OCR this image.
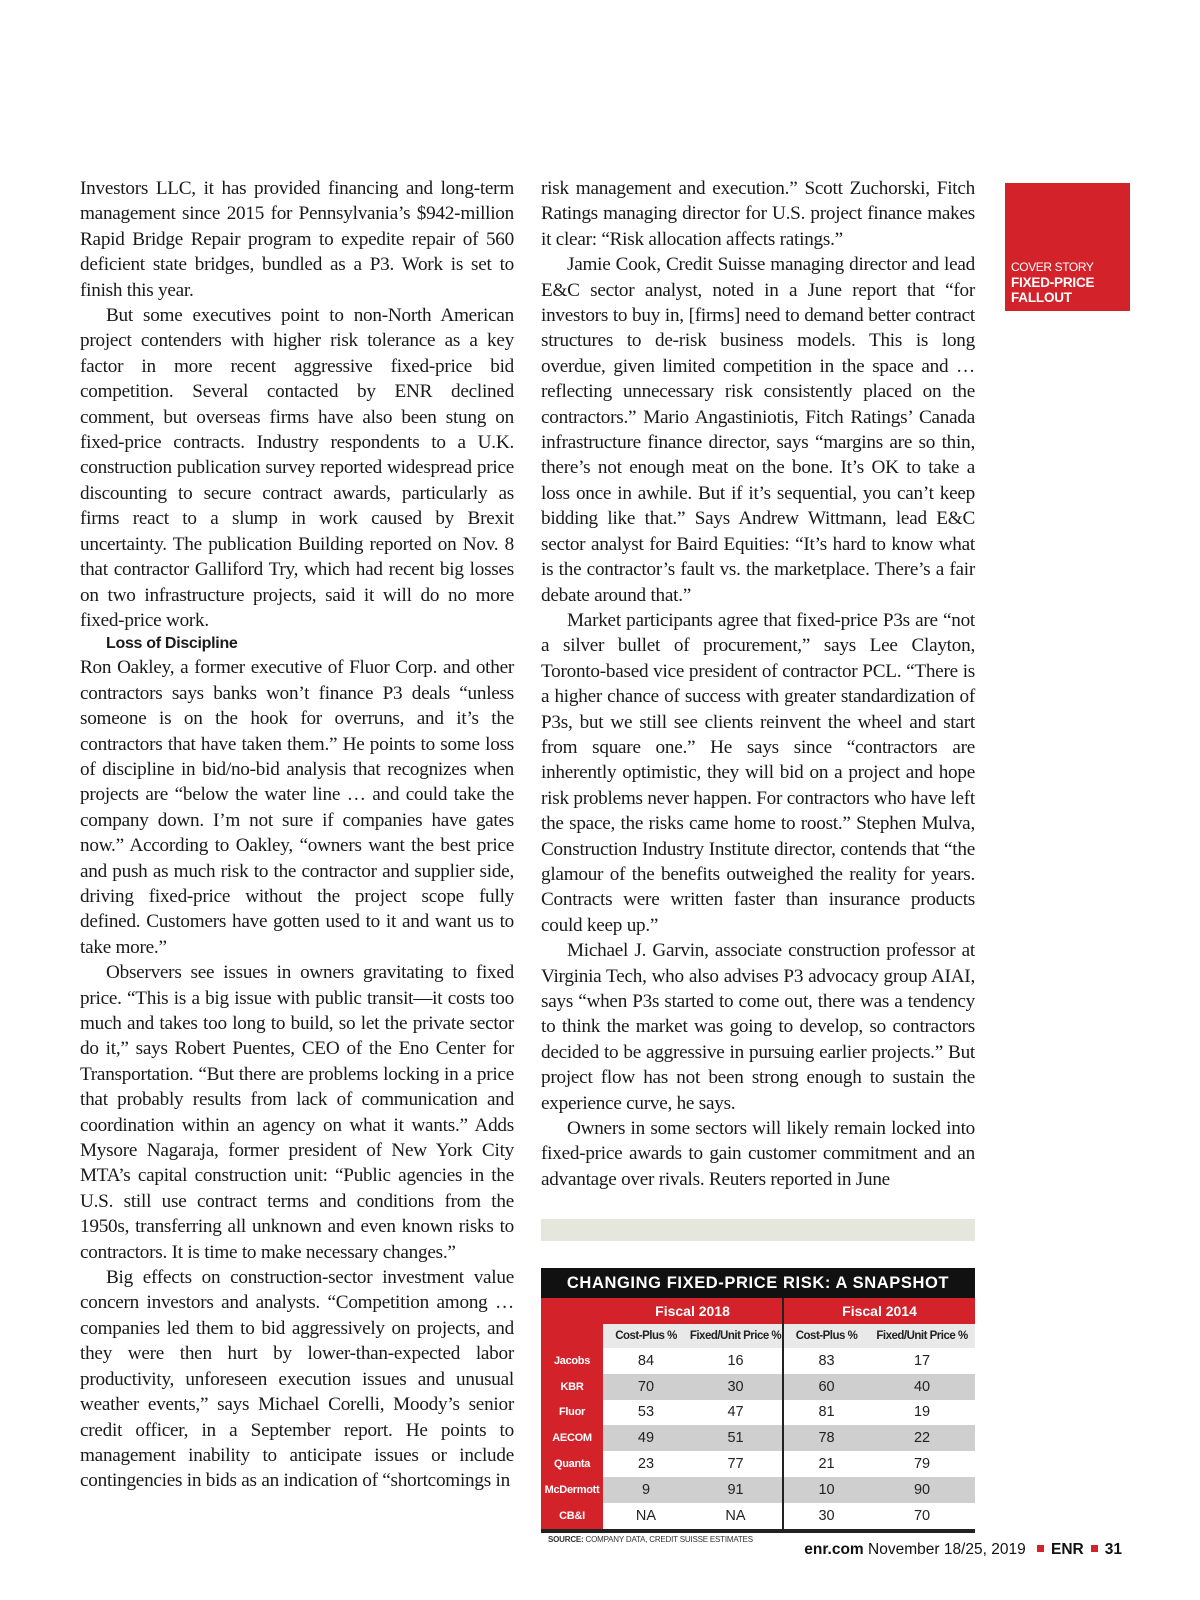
Investors LLC, it has provided financing and long-term management since 2015 for Pennsylvania’s $942-million Rapid Bridge Repair program to expedite repair of 560 deficient state bridges, bundled as a P3. Work is set to finish this year.

But some executives point to non-North American project contenders with higher risk tolerance as a key factor in more recent aggressive fixed-price bid competition. Several contacted by ENR declined comment, but overseas firms have also been stung on fixed-price contracts. Industry respondents to a U.K. construction publication survey reported widespread price discounting to secure contract awards, particularly as firms react to a slump in work caused by Brexit uncertainty. The publication Building reported on Nov. 8 that contractor Galliford Try, which had recent big losses on two infrastructure projects, said it will do no more fixed-price work.

Loss of Discipline

Ron Oakley, a former executive of Fluor Corp. and other contractors says banks won’t finance P3 deals “unless someone is on the hook for overruns, and it’s the contractors that have taken them.” He points to some loss of discipline in bid/no-bid analysis that recognizes when projects are “below the water line … and could take the company down. I’m not sure if companies have gates now.” According to Oakley, “owners want the best price and push as much risk to the contractor and supplier side, driving fixed-price without the project scope fully defined. Customers have gotten used to it and want us to take more.”

Observers see issues in owners gravitating to fixed price. “This is a big issue with public transit—it costs too much and takes too long to build, so let the private sector do it,” says Robert Puentes, CEO of the Eno Center for Transportation. “But there are problems locking in a price that probably results from lack of communication and coordination within an agency on what it wants.” Adds Mysore Nagaraja, former president of New York City MTA’s capital construction unit: “Public agencies in the U.S. still use contract terms and conditions from the 1950s, transferring all unknown and even known risks to contractors. It is time to make necessary changes.”

Big effects on construction-sector investment value concern investors and analysts. “Competition among … companies led them to bid aggressively on projects, and they were then hurt by lower-than-expected labor productivity, unforeseen execution issues and unusual weather events,” says Michael Corelli, Moody’s senior credit officer, in a September report. He points to management inability to anticipate issues or include contingencies in bids as an indication of “shortcomings in

risk management and execution.” Scott Zuchorski, Fitch Ratings managing director for U.S. project finance makes it clear: “Risk allocation affects ratings.”

Jamie Cook, Credit Suisse managing director and lead E&C sector analyst, noted in a June report that “for investors to buy in, [firms] need to demand better contract structures to de-risk business models. This is long overdue, given limited competition in the space and … reflecting unnecessary risk consistently placed on the contractors.” Mario Angastiniotis, Fitch Ratings’ Canada infrastructure finance director, says “margins are so thin, there’s not enough meat on the bone. It’s OK to take a loss once in awhile. But if it’s sequential, you can’t keep bidding like that.” Says Andrew Wittmann, lead E&C sector analyst for Baird Equities: “It’s hard to know what is the contractor’s fault vs. the marketplace. There’s a fair debate around that.”

Market participants agree that fixed-price P3s are “not a silver bullet of procurement,” says Lee Clayton, Toronto-based vice president of contractor PCL. “There is a higher chance of success with greater standardization of P3s, but we still see clients reinvent the wheel and start from square one.” He says since “contractors are inherently optimistic, they will bid on a project and hope risk problems never happen. For contractors who have left the space, the risks came home to roost.” Stephen Mulva, Construction Industry Institute director, contends that “the glamour of the benefits outweighed the reality for years. Contracts were written faster than insurance products could keep up.”

Michael J. Garvin, associate construction professor at Virginia Tech, who also advises P3 advocacy group AIAI, says “when P3s started to come out, there was a tendency to think the market was going to develop, so contractors decided to be aggressive in pursuing earlier projects.” But project flow has not been strong enough to sustain the experience curve, he says.

Owners in some sectors will likely remain locked into fixed-price awards to gain customer commitment and an advantage over rivals. Reuters reported in June

COVER STORY
FIXED-PRICE
FALLOUT
CHANGING FIXED-PRICE RISK: A SNAPSHOT
	Fiscal 2018		Fiscal 2014	
	Cost-Plus %	Fixed/Unit Price %	Cost-Plus %	Fixed/Unit Price %
Jacobs	84	16	83	17
KBR	70	30	60	40
Fluor	53	47	81	19
AECOM	49	51	78	22
Quanta	23	77	21	79
McDermott	9	91	10	90
CB&I	NA	NA	30	70

SOURCE: COMPANY DATA, CREDIT SUISSE ESTIMATES
enr.com November 18/25, 2019 ENR 31
